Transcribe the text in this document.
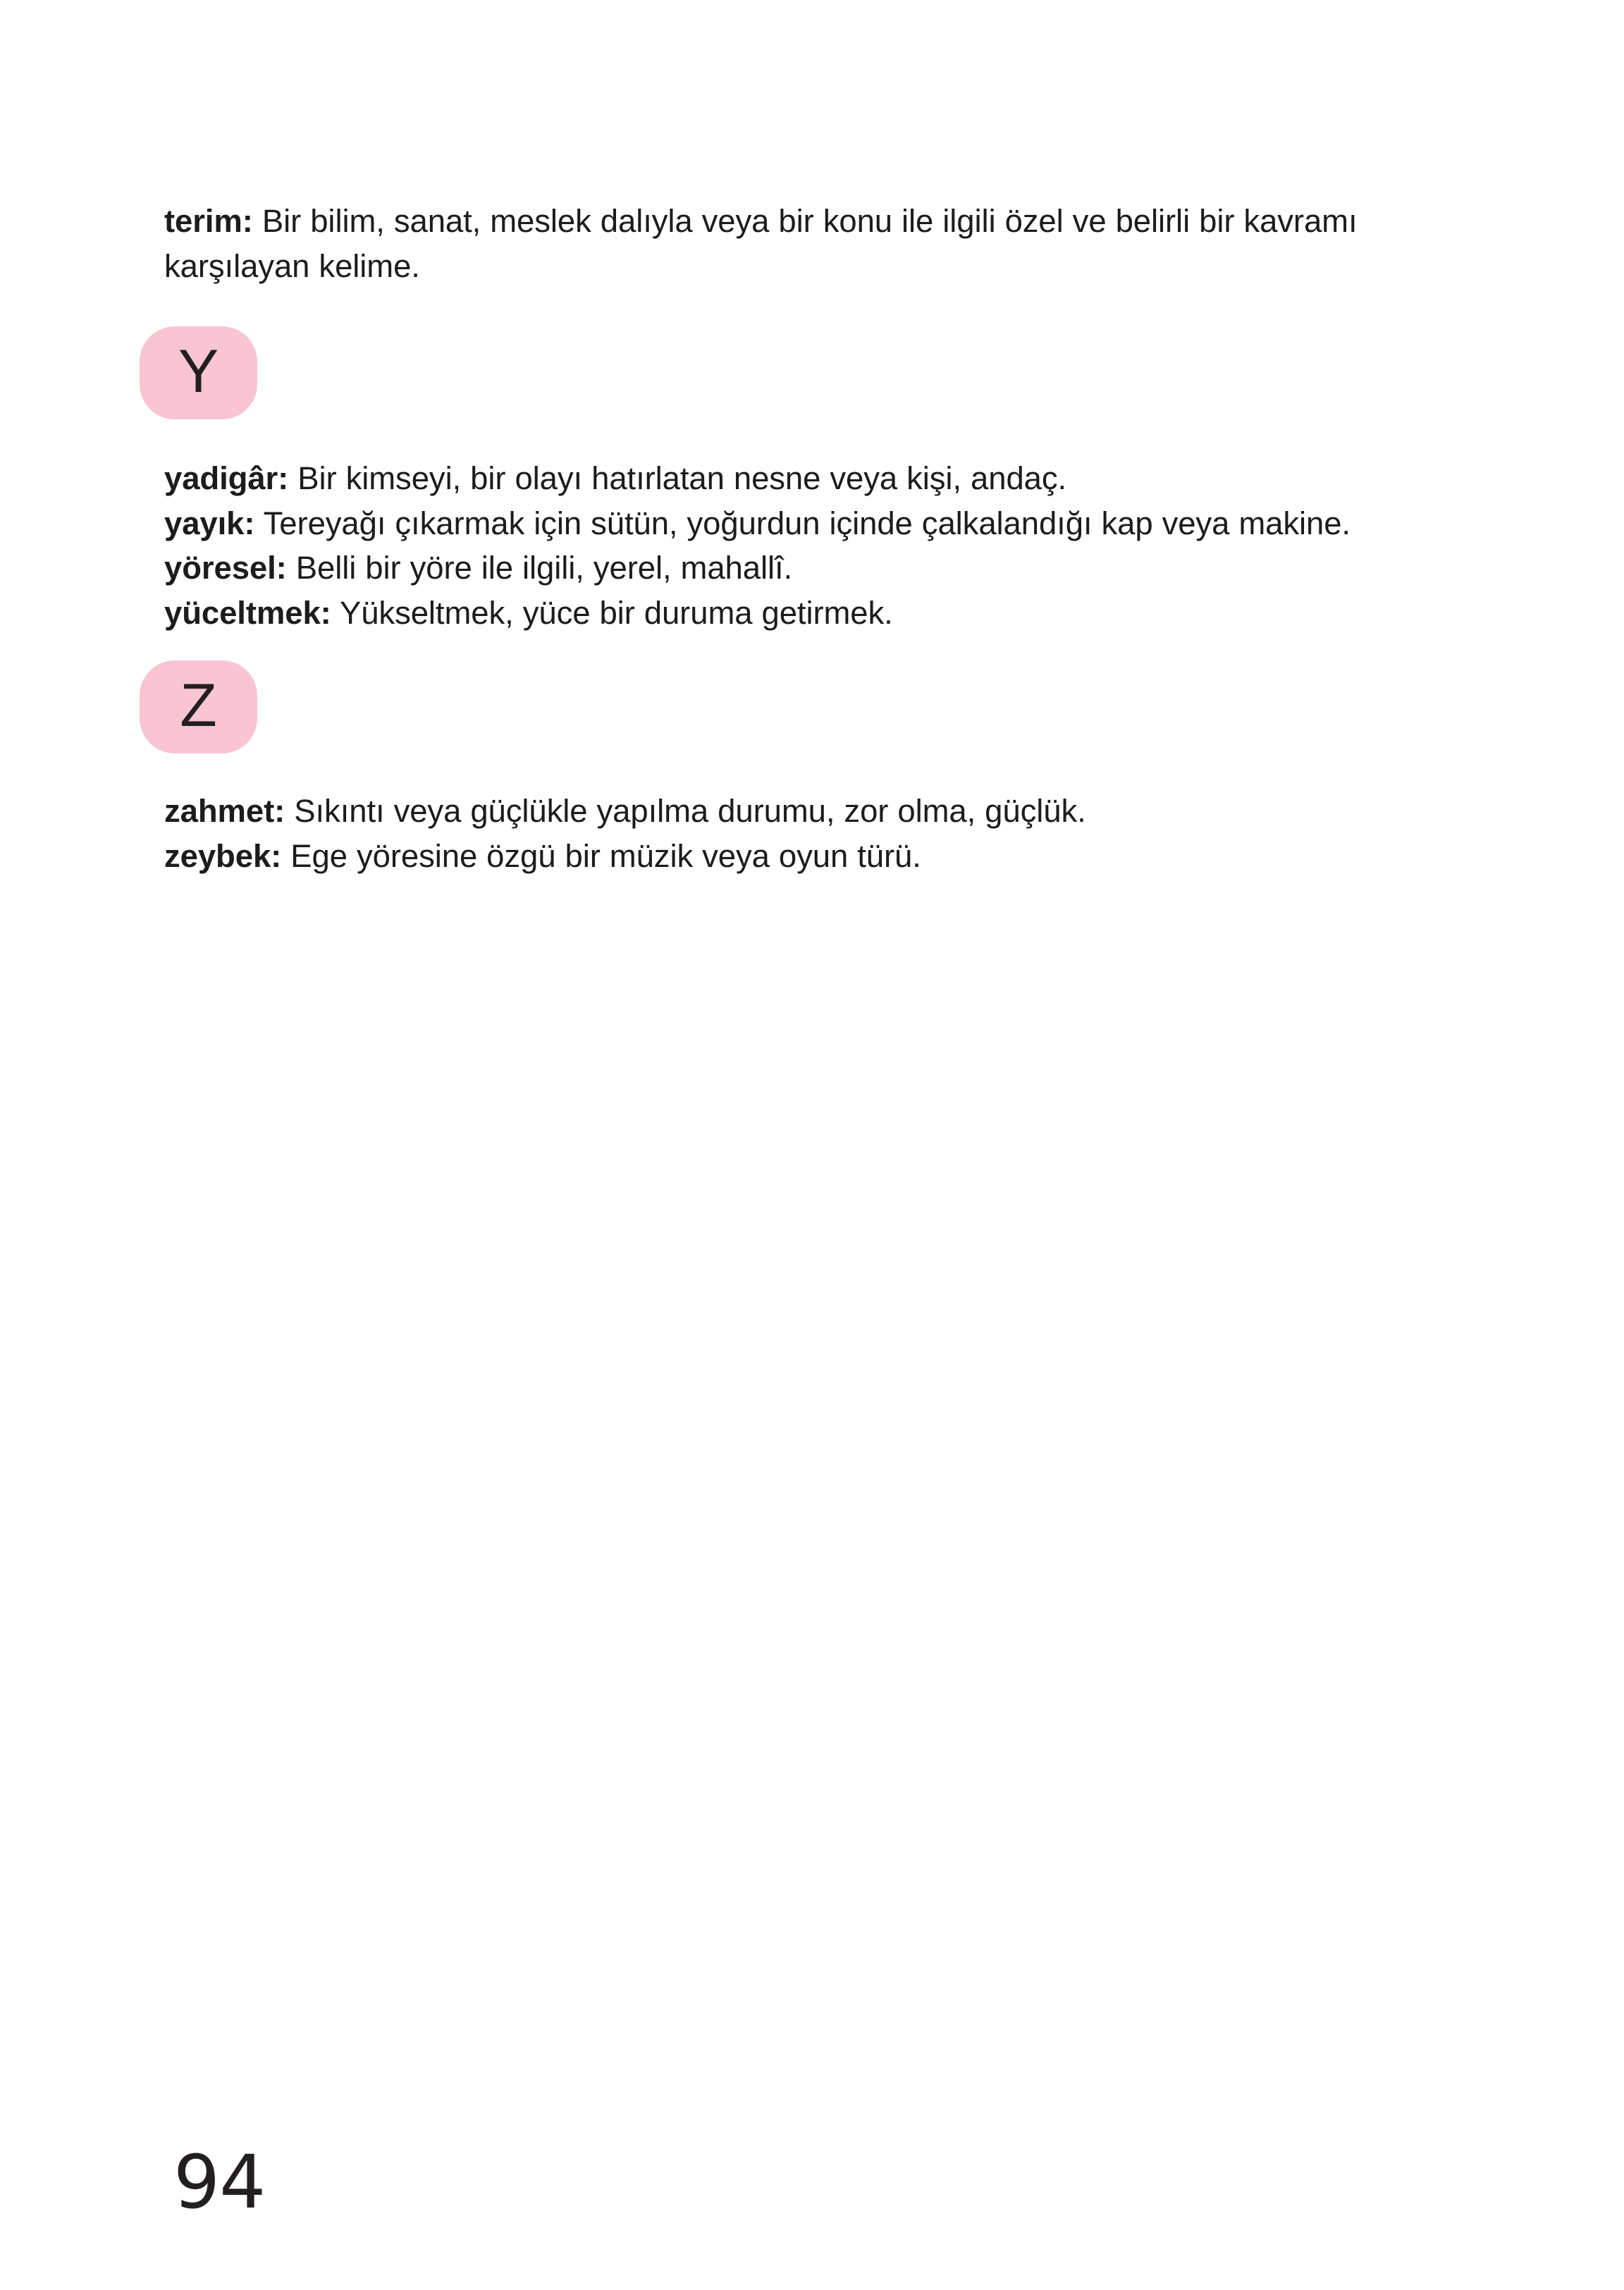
terim: Bir bilim, sanat, meslek dalıyla veya bir konu ile ilgili özel ve belirli bir kavramı karşılayan kelime.

Y

yadigâr: Bir kimseyi, bir olayı hatırlatan nesne veya kişi, andaç.

yayık: Tereyağı çıkarmak için sütün, yoğurdun içinde çalkalandığı kap veya makine.

yöresel: Belli bir yöre ile ilgili, yerel, mahallî.

yüceltmek: Yükseltmek, yüce bir duruma getirmek.

Z

zahmet: Sıkıntı veya güçlükle yapılma durumu, zor olma, güçlük.

zeybek: Ege yöresine özgü bir müzik veya oyun türü.

94
